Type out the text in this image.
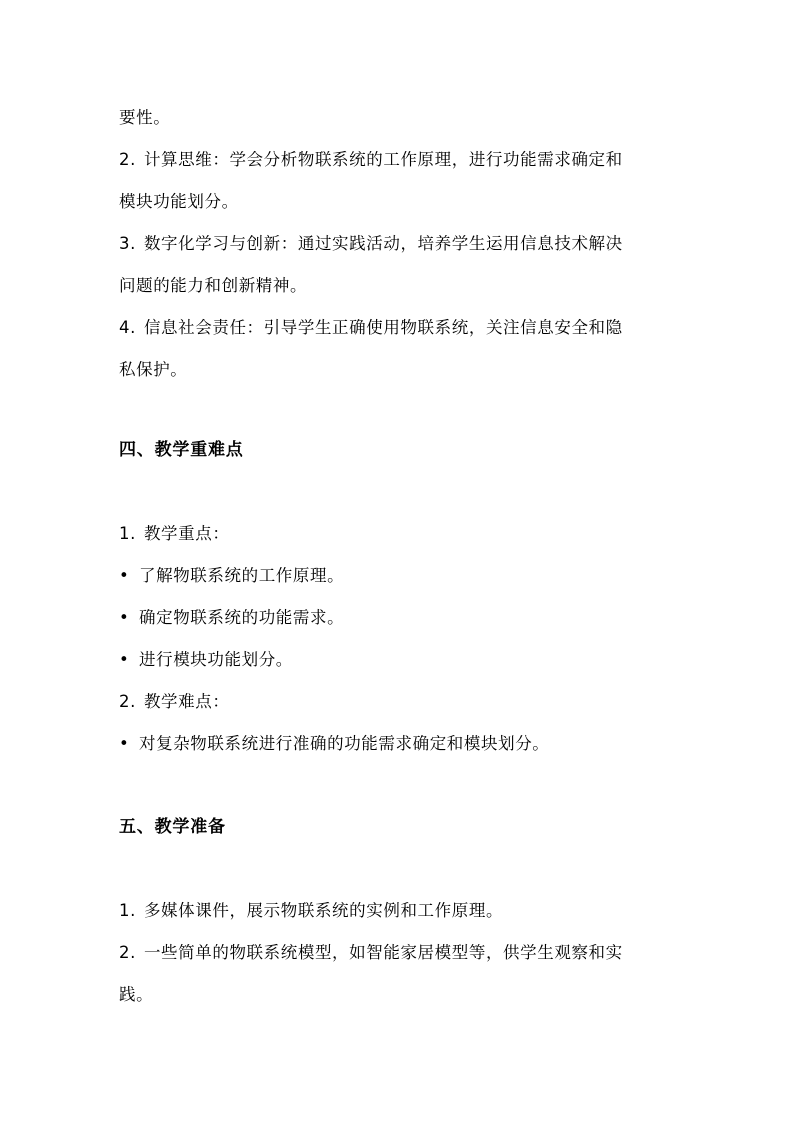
要性。
2. 计算思维：学会分析物联系统的工作原理，进行功能需求确定和
模块功能划分。
3. 数字化学习与创新：通过实践活动，培养学生运用信息技术解决
问题的能力和创新精神。
4. 信息社会责任：引导学生正确使用物联系统，关注信息安全和隐
私保护。
四、教学重难点
1. 教学重点：
• 了解物联系统的工作原理。
• 确定物联系统的功能需求。
• 进行模块功能划分。
2. 教学难点：
• 对复杂物联系统进行准确的功能需求确定和模块划分。
五、教学准备
1. 多媒体课件，展示物联系统的实例和工作原理。
2. 一些简单的物联系统模型，如智能家居模型等，供学生观察和实
践。
